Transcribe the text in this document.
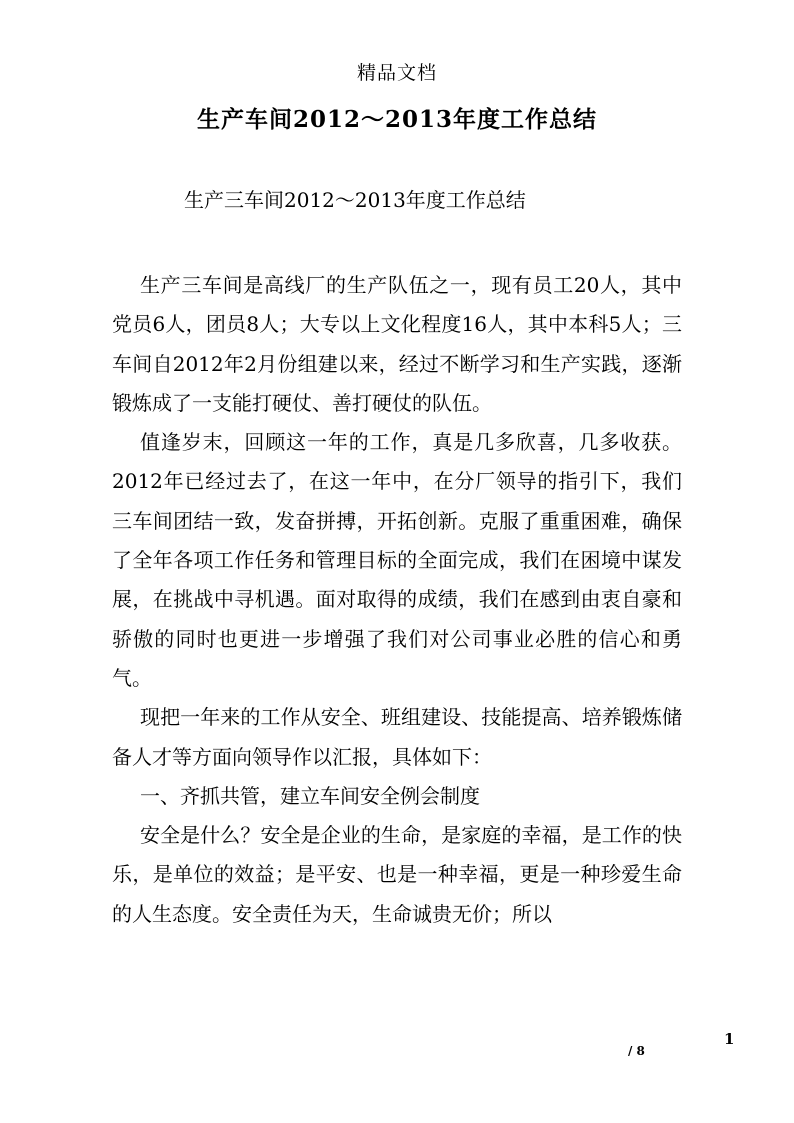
精品文档
生产车间2012～2013年度工作总结
生产三车间2012～2013年度工作总结

生产三车间是高线厂的生产队伍之一，现有员工20人，其中党员6人，团员8人；大专以上文化程度16人，其中本科5人；三车间自2012年2月份组建以来，经过不断学习和生产实践，逐渐锻炼成了一支能打硬仗、善打硬仗的队伍。

值逢岁末，回顾这一年的工作，真是几多欣喜，几多收获。2012年已经过去了，在这一年中，在分厂领导的指引下，我们三车间团结一致，发奋拼搏，开拓创新。克服了重重困难，确保了全年各项工作任务和管理目标的全面完成，我们在困境中谋发展，在挑战中寻机遇。面对取得的成绩，我们在感到由衷自豪和骄傲的同时也更进一步增强了我们对公司事业必胜的信心和勇气。

现把一年来的工作从安全、班组建设、技能提高、培养锻炼储备人才等方面向领导作以汇报，具体如下：

一、齐抓共管，建立车间安全例会制度

安全是什么？安全是企业的生命，是家庭的幸福，是工作的快乐，是单位的效益；是平安、也是一种幸福，更是一种珍爱生命的人生态度。安全责任为天，生命诚贵无价；所以

1
/ 8
